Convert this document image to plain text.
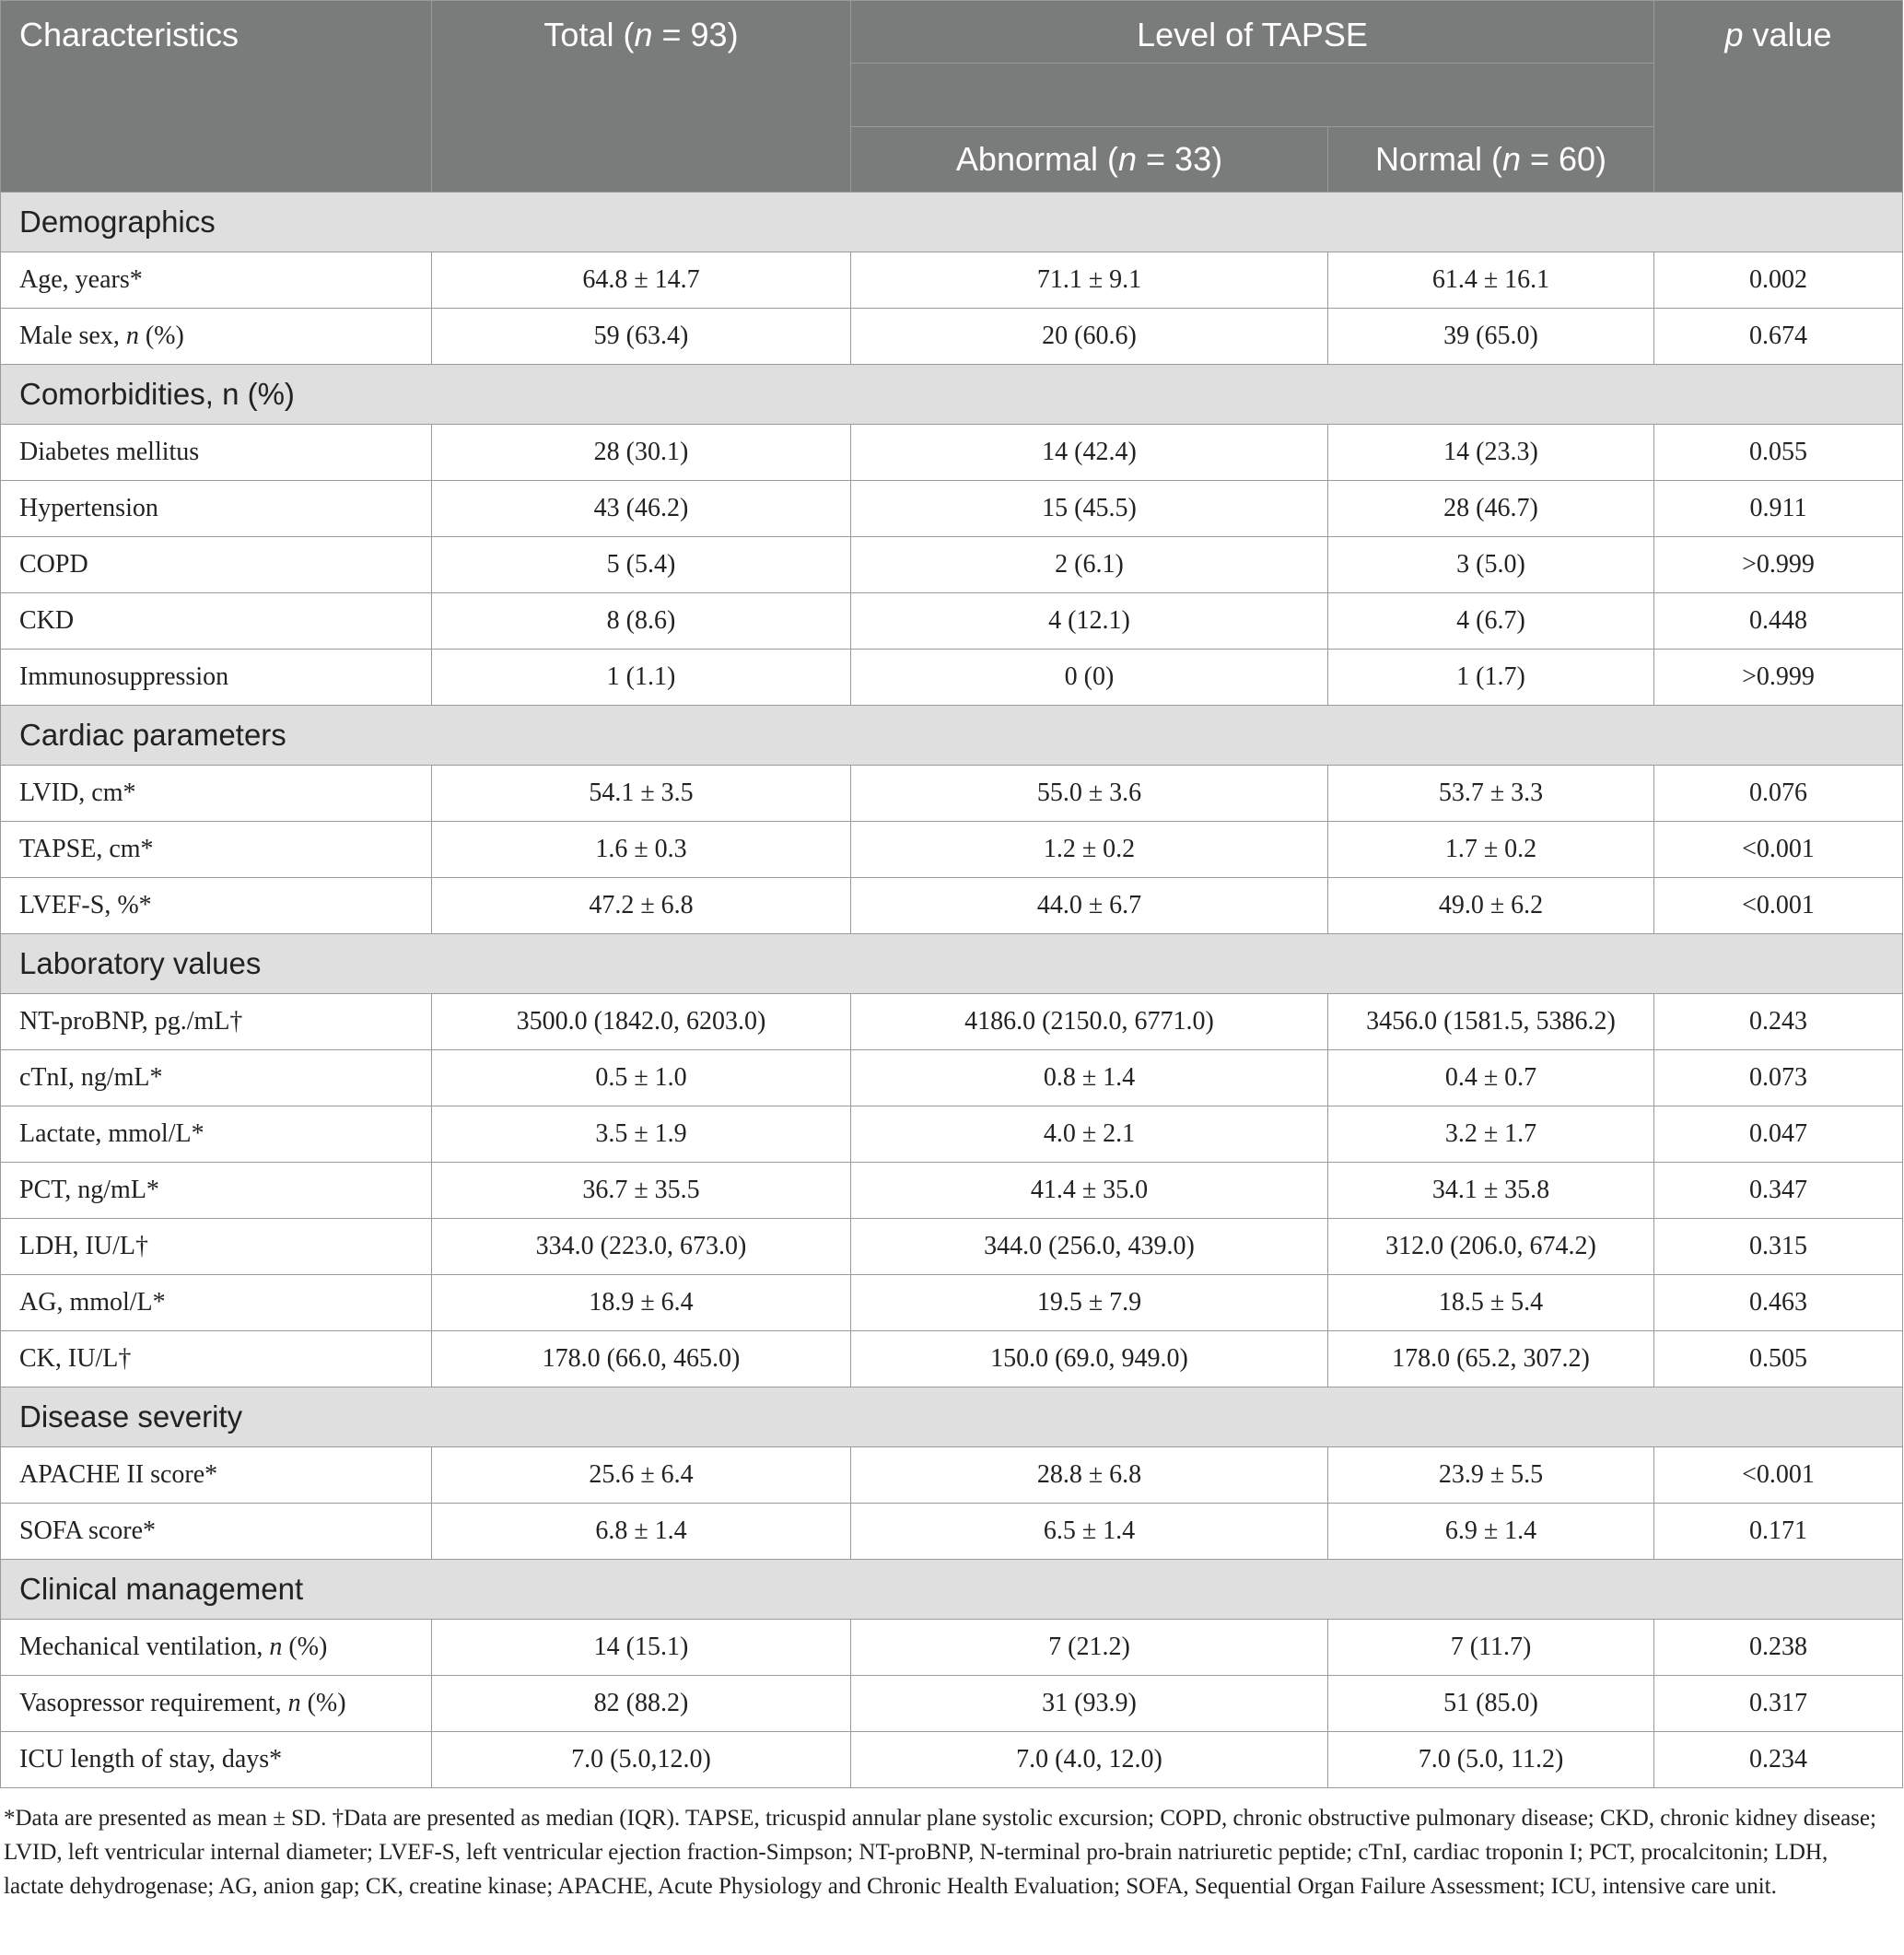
Characteristics	Total (n = 93)	Level of TAPSE		p value

		Abnormal (n = 33)	Normal (n = 60)	
Demographics				
Age, years*	64.8 ± 14.7	71.1 ± 9.1	61.4 ± 16.1	0.002
Male sex, n (%)	59 (63.4)	20 (60.6)	39 (65.0)	0.674
Comorbidities, n (%)				
Diabetes mellitus	28 (30.1)	14 (42.4)	14 (23.3)	0.055
Hypertension	43 (46.2)	15 (45.5)	28 (46.7)	0.911
COPD	5 (5.4)	2 (6.1)	3 (5.0)	>0.999
CKD	8 (8.6)	4 (12.1)	4 (6.7)	0.448
Immunosuppression	1 (1.1)	0 (0)	1 (1.7)	>0.999
Cardiac parameters				
LVID, cm*	54.1 ± 3.5	55.0 ± 3.6	53.7 ± 3.3	0.076
TAPSE, cm*	1.6 ± 0.3	1.2 ± 0.2	1.7 ± 0.2	<0.001
LVEF-S, %*	47.2 ± 6.8	44.0 ± 6.7	49.0 ± 6.2	<0.001
Laboratory values				
NT-proBNP, pg./mL†	3500.0 (1842.0, 6203.0)	4186.0 (2150.0, 6771.0)	3456.0 (1581.5, 5386.2)	0.243
cTnI, ng/mL*	0.5 ± 1.0	0.8 ± 1.4	0.4 ± 0.7	0.073
Lactate, mmol/L*	3.5 ± 1.9	4.0 ± 2.1	3.2 ± 1.7	0.047
PCT, ng/mL*	36.7 ± 35.5	41.4 ± 35.0	34.1 ± 35.8	0.347
LDH, IU/L†	334.0 (223.0, 673.0)	344.0 (256.0, 439.0)	312.0 (206.0, 674.2)	0.315
AG, mmol/L*	18.9 ± 6.4	19.5 ± 7.9	18.5 ± 5.4	0.463
CK, IU/L†	178.0 (66.0, 465.0)	150.0 (69.0, 949.0)	178.0 (65.2, 307.2)	0.505
Disease severity				
APACHE II score*	25.6 ± 6.4	28.8 ± 6.8	23.9 ± 5.5	<0.001
SOFA score*	6.8 ± 1.4	6.5 ± 1.4	6.9 ± 1.4	0.171
Clinical management				
Mechanical ventilation, n (%)	14 (15.1)	7 (21.2)	7 (11.7)	0.238
Vasopressor requirement, n (%)	82 (88.2)	31 (93.9)	51 (85.0)	0.317
ICU length of stay, days*	7.0 (5.0,12.0)	7.0 (4.0, 12.0)	7.0 (5.0, 11.2)	0.234
*Data are presented as mean ± SD. †Data are presented as median (IQR). TAPSE, tricuspid annular plane systolic excursion; COPD, chronic obstructive pulmonary disease; CKD, chronic kidney disease; LVID, left ventricular internal diameter; LVEF-S, left ventricular ejection fraction-Simpson; NT-proBNP, N-terminal pro-brain natriuretic peptide; cTnI, cardiac troponin I; PCT, procalcitonin; LDH, lactate dehydrogenase; AG, anion gap; CK, creatine kinase; APACHE, Acute Physiology and Chronic Health Evaluation; SOFA, Sequential Organ Failure Assessment; ICU, intensive care unit.
